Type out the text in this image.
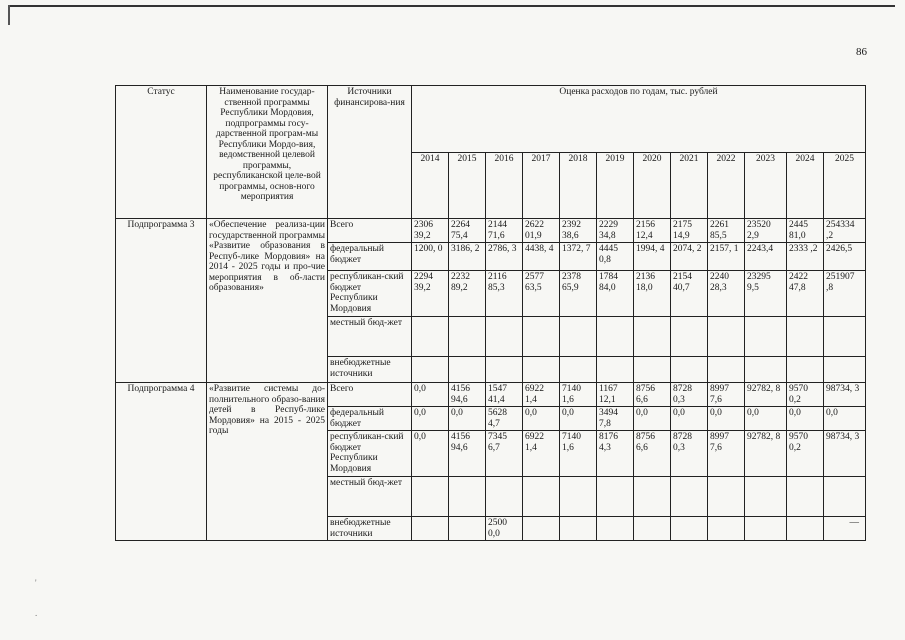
86
'
.
Статус	Наименование государ-ственной программы Республики Мордовия, подпрограммы госу-дарственной програм-мы Республики Мордо-вия, ведомственной целевой программы, республиканской целе-вой программы, основ-ного мероприятия	Источники финансирова-ния	Оценка расходов по годам, тыс. рублей											
			2014	2015	2016	2017	2018	2019	2020	2021	2022	2023	2024	2025
Подпрограмма 3	«Обеспечение реализа-ции государственной программы «Развитие образования в Респуб-лике Мордовия» на 2014 - 2025 годы и про-чие мероприятия в об-ласти образования»	Всего	2306 39,2	2264 75,4	2144 71,6	2622 01,9	2392 38,6	2229 34,8	2156 12,4	2175 14,9	2261 85,5	23520 2,9	2445 81,0	254334 ,2
		федеральный бюджет	1200, 0	3186, 2	2786, 3	4438, 4	1372, 7	4445 0,8	1994, 4	2074, 2	2157, 1	2243,4	2333 ,2	2426,5
		республикан-ский бюджет Республики Мордовия	2294 39,2	2232 89,2	2116 85,3	2577 63,5	2378 65,9	1784 84,0	2136 18,0	2154 40,7	2240 28,3	23295 9,5	2422 47,8	251907 ,8
		местный бюд-жет												
		внебюджетные источники												
Подпрограмма 4	«Развитие системы до-полнительного образо-вания детей в Респуб-лике Мордовия» на 2015 - 2025 годы	Всего	0,0	4156 94,6	1547 41,4	6922 1,4	7140 1,6	1167 12,1	8756 6,6	8728 0,3	8997 7,6	92782, 8	9570 0,2	98734, 3
		федеральный бюджет	0,0	0,0	5628 4,7	0,0	0,0	3494 7,8	0,0	0,0	0,0	0,0	0,0	0,0
		республикан-ский бюджет Республики Мордовия	0,0	4156 94,6	7345 6,7	6922 1,4	7140 1,6	8176 4,3	8756 6,6	8728 0,3	8997 7,6	92782, 8	9570 0,2	98734, 3
		местный бюд-жет												
		внебюджетные источники			2500 0,0									—
